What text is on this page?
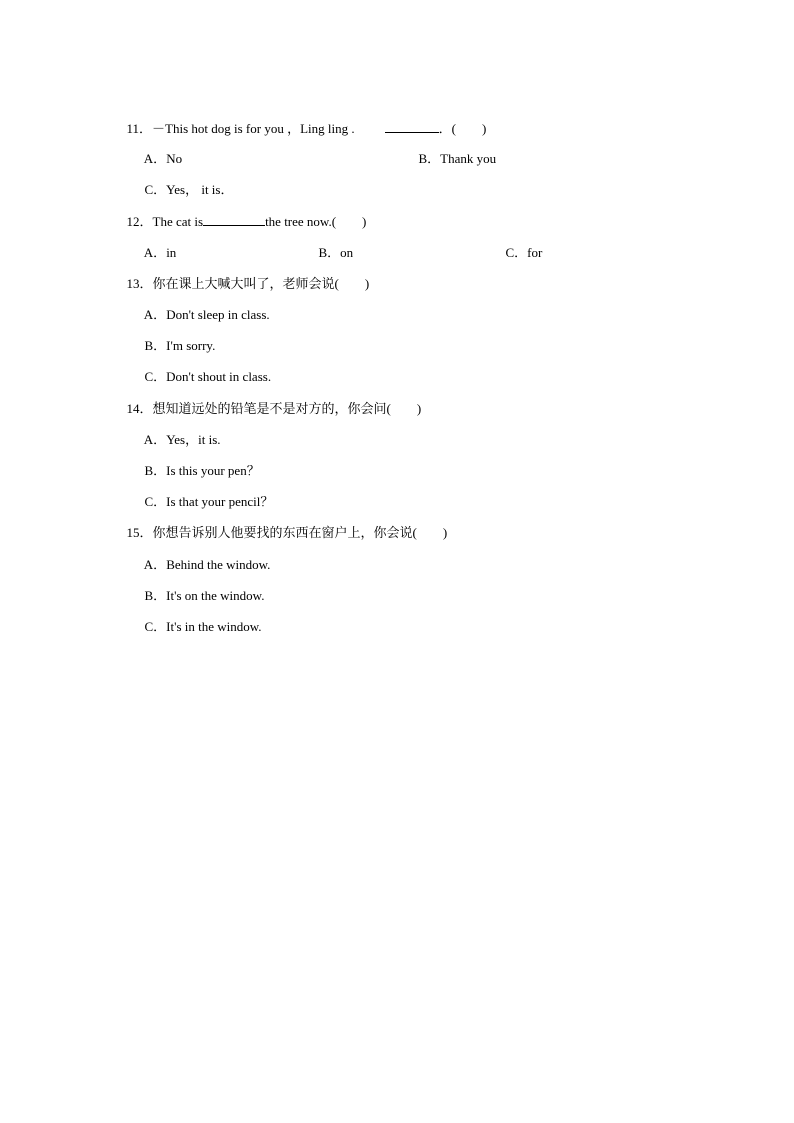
11．－This hot dog is for you ，Ling ling .	．(　　)

A．No	B．Thank you

C．Yes， it is．

12．The cat is	the tree now.(　　)

A．in	B．on	C．for

13．你在课上大喊大叫了，老师会说(　　)

A．Don't sleep in class.

B．I'm sorry.

C．Don't shout in class.

14．想知道远处的铅笔是不是对方的，你会问(　　)

A．Yes，it is.

B．Is this your pen？

C．Is that your pencil？

15．你想告诉别人他要找的东西在窗户上，你会说(　　)

A．Behind the window.

B．It's on the window.

C．It's in the window.
